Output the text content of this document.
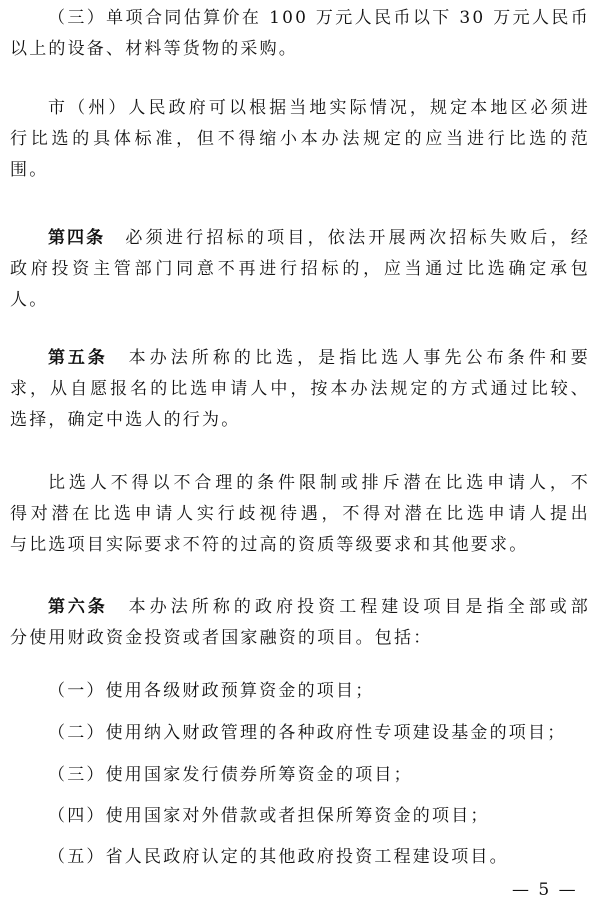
（三）单项合同估算价在 100 万元人民币以下 30 万元人民币
以上的设备、材料等货物的采购。
市（州）人民政府可以根据当地实际情况，规定本地区必须进
行比选的具体标准，但不得缩小本办法规定的应当进行比选的范
围。
第四条　 必须进行招标的项目，依法开展两次招标失败后，经
政府投资主管部门同意不再进行招标的，应当通过比选确定承包
人。
第五条　 本办法所称的比选，是指比选人事先公布条件和要
求，从自愿报名的比选申请人中，按本办法规定的方式通过比较、
选择，确定中选人的行为。
比选人不得以不合理的条件限制或排斥潜在比选申请人，不
得对潜在比选申请人实行歧视待遇，不得对潜在比选申请人提出
与比选项目实际要求不符的过高的资质等级要求和其他要求。
第六条　 本办法所称的政府投资工程建设项目是指全部或部
分使用财政资金投资或者国家融资的项目。包括：
（一）使用各级财政预算资金的项目；
（二）使用纳入财政管理的各种政府性专项建设基金的项目；
（三）使用国家发行债券所筹资金的项目；
（四）使用国家对外借款或者担保所筹资金的项目；
（五）省人民政府认定的其他政府投资工程建设项目。
— 5 —
